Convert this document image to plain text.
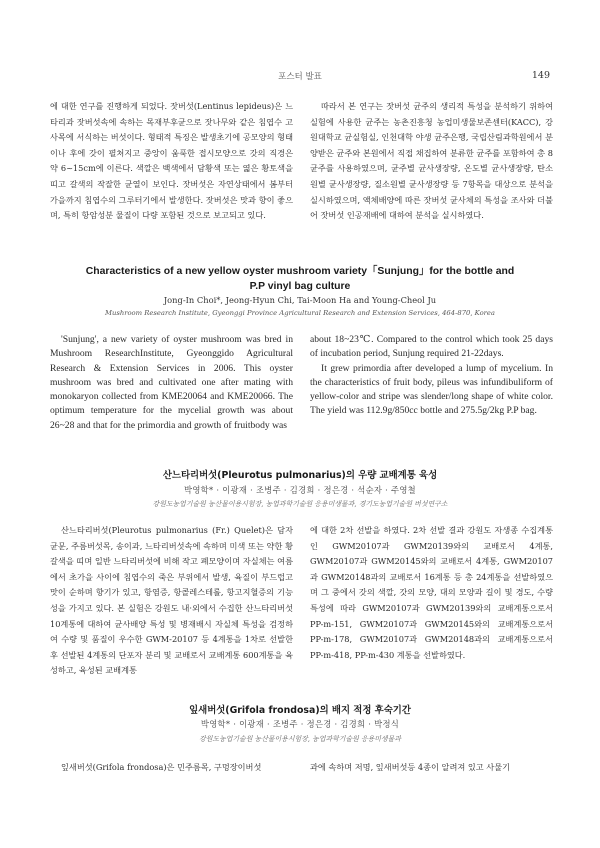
포스터 발표	149

에 대한 연구를 진행하게 되었다. 잣버섯(Lentinus lepideus)은 느타리과 잣버섯속에 속하는 목재부후균으로 잣나무와 같은 침엽수 고사목에 서식하는 버섯이다. 형태적 특징은 발생초기에 공모양의 형태이나 후에 갓이 펼쳐지고 중앙이 움푹한 접시모양으로 갓의 직경은 약 6~15cm에 이른다. 색깔은 백색에서 담황색 또는 엷은 황토색을 띠고 갈색의 작잘한 균열이 보인다. 잣버섯은 자연상태에서 봄부터 가을까지 침엽수의 그루터기에서 발생한다. 잣버섯은 맛과 향이 좋으며, 특히 항암성분 물질이 다량 포함된 것으로 보고되고 있다.

따라서 본 연구는 잣버섯 균주의 생리적 특성을 분석하기 위하여 실험에 사용한 균주는 농촌진흥청 농업미생물보존센터(KACC), 강원대학교 균실험실, 인천대학 야생 균주은행, 국립산림과학원에서 분양받은 균주와 본원에서 직접 채집하여 분류한 균주를 포함하여 총 8균주를 사용하였으며, 균주별 균사생장량, 온도별 균사생장량, 탄소원별 균사생장량, 질소원별 균사생장량 등 7항목을 대상으로 분석을 실시하였으며, 액체배양에 따른 잣버섯 균사체의 특성을 조사와 더불어 잣버섯 인공재배에 대하여 분석을 실시하였다.

Characteristics of a new yellow oyster mushroom variety「Sunjung」for the bottle and
P.P vinyl bag culture
Jong-In Choi*, Jeong-Hyun Chi, Tai-Moon Ha and Young-Cheol Ju
Mushroom Research Institute, Gyeonggi Province Agricultural Research and Extension Services, 464-870, Korea

'Sunjung', a new variety of oyster mushroom was bred in Mushroom ResearchInstitute, Gyeonggido Agricultural Research & Extension Services in 2006. This oyster mushroom was bred and cultivated one after mating with monokaryon collected from KME20064 and KME20066. The optimum temperature for the mycelial growth was about 26~28 and that for the primordia and growth of fruitbody was

about 18~23℃. Compared to the control which took 25 days of incubation period, Sunjung required 21-22days.

It grew primordia after developed a lump of mycelium. In the characteristics of fruit body, pileus was infundibuliform of yellow-color and stripe was slender/long shape of white color. The yield was 112.9g/850cc bottle and 275.5g/2kg P.P bag.

산느타리버섯(Pleurotus pulmonarius)의 우량 교배계통 육성
박영학* · 이광재 · 조병주 · 김경희 · 정은경 · 석순자 · 주영철
강원도농업기술원 농산물이용시험장, 농업과학기술원 응용미생물과, 경기도농업기술원 버섯연구소

산느타리버섯(Pleurotus pulmonarius (Fr.) Quelet)은 담자균문, 주름버섯목, 송이과, 느타리버섯속에 속하며 미색 또는 약한 황갈색을 띠며 일반 느타리버섯에 비해 작고 폐모양이며 자실체는 여름에서 초가을 사이에 침엽수의 죽은 부위에서 발생, 육질이 부드럽고 맛이 순하며 향기가 있고, 항염증, 항콜레스테롤, 항고지혈증의 기능성을 가지고 있다. 본 실험은 강원도 내·외에서 수집한 산느타리버섯 10계통에 대하여 균사배양 특성 및 병재배시 자실체 특성을 검정하여 수량 및 품질이 우수한 GWM-20107 등 4계통을 1차로 선발한 후 선발된 4계통의 단포자 분리 및 교배로서 교배계통 600계통을 육성하고, 육성된 교배계통

에 대한 2차 선발을 하였다. 2차 선발 결과 강원도 자생종 수집계통인 GWM20107과 GWM20139와의 교배로서 4계통, GWM20107과 GWM20145와의 교배로서 4계통, GWM20107과 GWM20148과의 교배로서 16계통 등 총 24계통을 선발하였으며 그 중에서 갓의 색깔, 갓의 모양, 대의 모양과 길이 및 경도, 수량특성에 따라 GWM20107과 GWM20139와의 교배계통으로서 PP-m-151, GWM20107과 GWM20145와의 교배계통으로서 PP-m-178, GWM20107과 GWM20148과의 교배계통으로서 PP-m-418, PP-m-430 계통을 선발하였다.

잎새버섯(Grifola frondosa)의 배지 적정 후숙기간
박영학* · 이광재 · 조병주 · 정은경 · 김경희 · 박정식
강원도농업기술원 농산물이용시험장, 농업과학기술원 응용미생물과

잎새버섯(Grifola frondosa)은 민주름목, 구멍장이버섯	과에 속하며 저명, 잎새버섯등 4종이 알려져 있고 사물기
